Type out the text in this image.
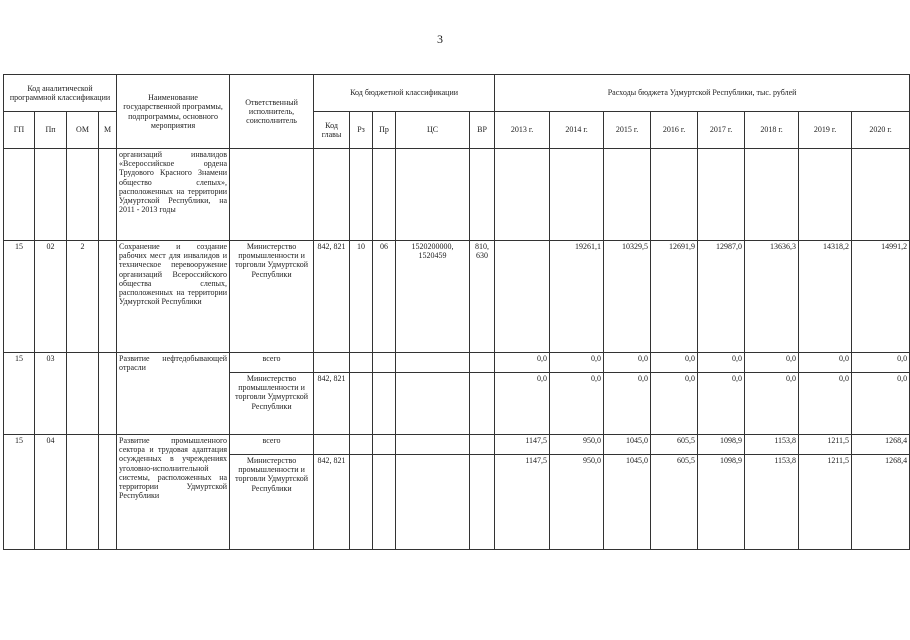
3
Код аналитической программной классификации				Наименование государственной программы, подпрограммы, основного мероприятия	Ответственный исполнитель, соисполнитель	Код бюджетной классификации					Расходы бюджета Удмуртской Республики, тыс. рублей							
ГП	Пп	ОМ	М			Код главы	Рз	Пр	ЦС	ВР	2013 г.	2014 г.	2015 г.	2016 г.	2017 г.	2018 г.	2019 г.	2020 г.
				организаций инвалидов «Всероссийское ордена Трудового Красного Знамени общество слепых», расположенных на территории Удмуртской Республики, на 2011 - 2013 годы														
15	02	2		Сохранение и создание рабочих мест для инвалидов и техническое перевооружение организаций Всероссийского общества слепых, расположенных на территории Удмуртской Республики	Министерство промышленности и торговли Удмуртской Республики	842, 821	10	06	1520200000, 1520459	810, 630		19261,1	10329,5	12691,9	12987,0	13636,3	14318,2	14991,2
15	03			Развитие нефтедобывающей отрасли	всего						0,0	0,0	0,0	0,0	0,0	0,0	0,0	0,0
					Министерство промышленности и торговли Удмуртской Республики	842, 821					0,0	0,0	0,0	0,0	0,0	0,0	0,0	0,0
15	04			Развитие промышленного сектора и трудовая адаптация осужденных в учреждениях уголовно-исполнительной системы, расположенных на территории Удмуртской Республики	всего						1147,5	950,0	1045,0	605,5	1098,9	1153,8	1211,5	1268,4
					Министерство промышленности и торговли Удмуртской Республики	842, 821					1147,5	950,0	1045,0	605,5	1098,9	1153,8	1211,5	1268,4
